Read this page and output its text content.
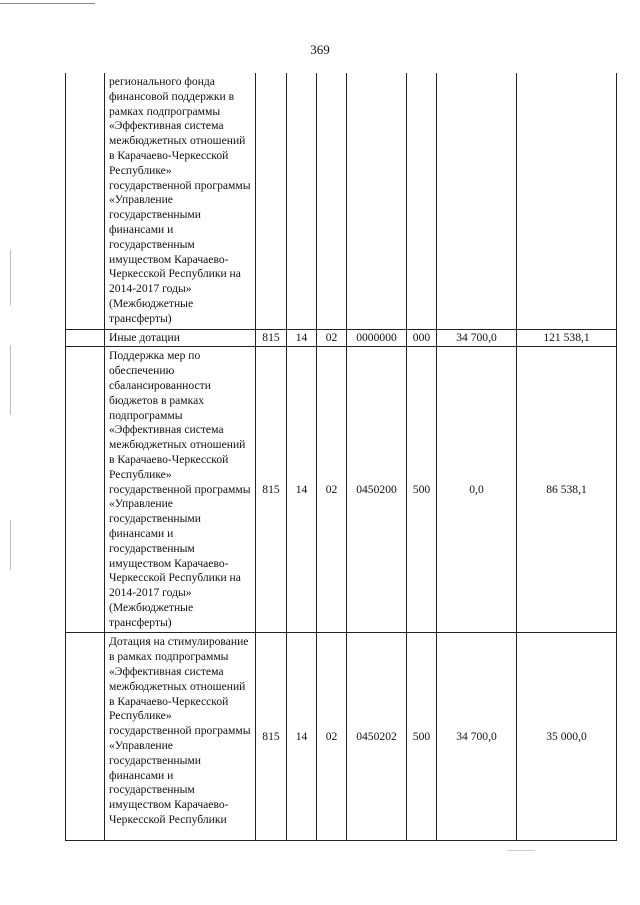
369
	регионального фонда финансовой поддержки в рамках подпрограммы «Эффективная система межбюджетных отношений в Карачаево-Черкесской Республике» государственной программы «Управление государственными финансами и государственным имуществом Карачаево-Черкесской Республики на 2014-2017 годы» (Межбюджетные трансферты)							
	Иные дотации	815	14	02	0000000	000	34 700,0	121 538,1
	Поддержка мер по обеспечению сбалансированности бюджетов в рамках подпрограммы «Эффективная система межбюджетных отношений в Карачаево-Черкесской Республике» государственной программы «Управление государственными финансами и государственным имуществом Карачаево-Черкесской Республики на 2014-2017 годы» (Межбюджетные трансферты)	815	14	02	0450200	500	0,0	86 538,1
	Дотация на стимулирование в рамках подпрограммы «Эффективная система межбюджетных отношений в Карачаево-Черкесской Республике» государственной программы «Управление государственными финансами и государственным имуществом Карачаево-Черкесской Республики	815	14	02	0450202	500	34 700,0	35 000,0
